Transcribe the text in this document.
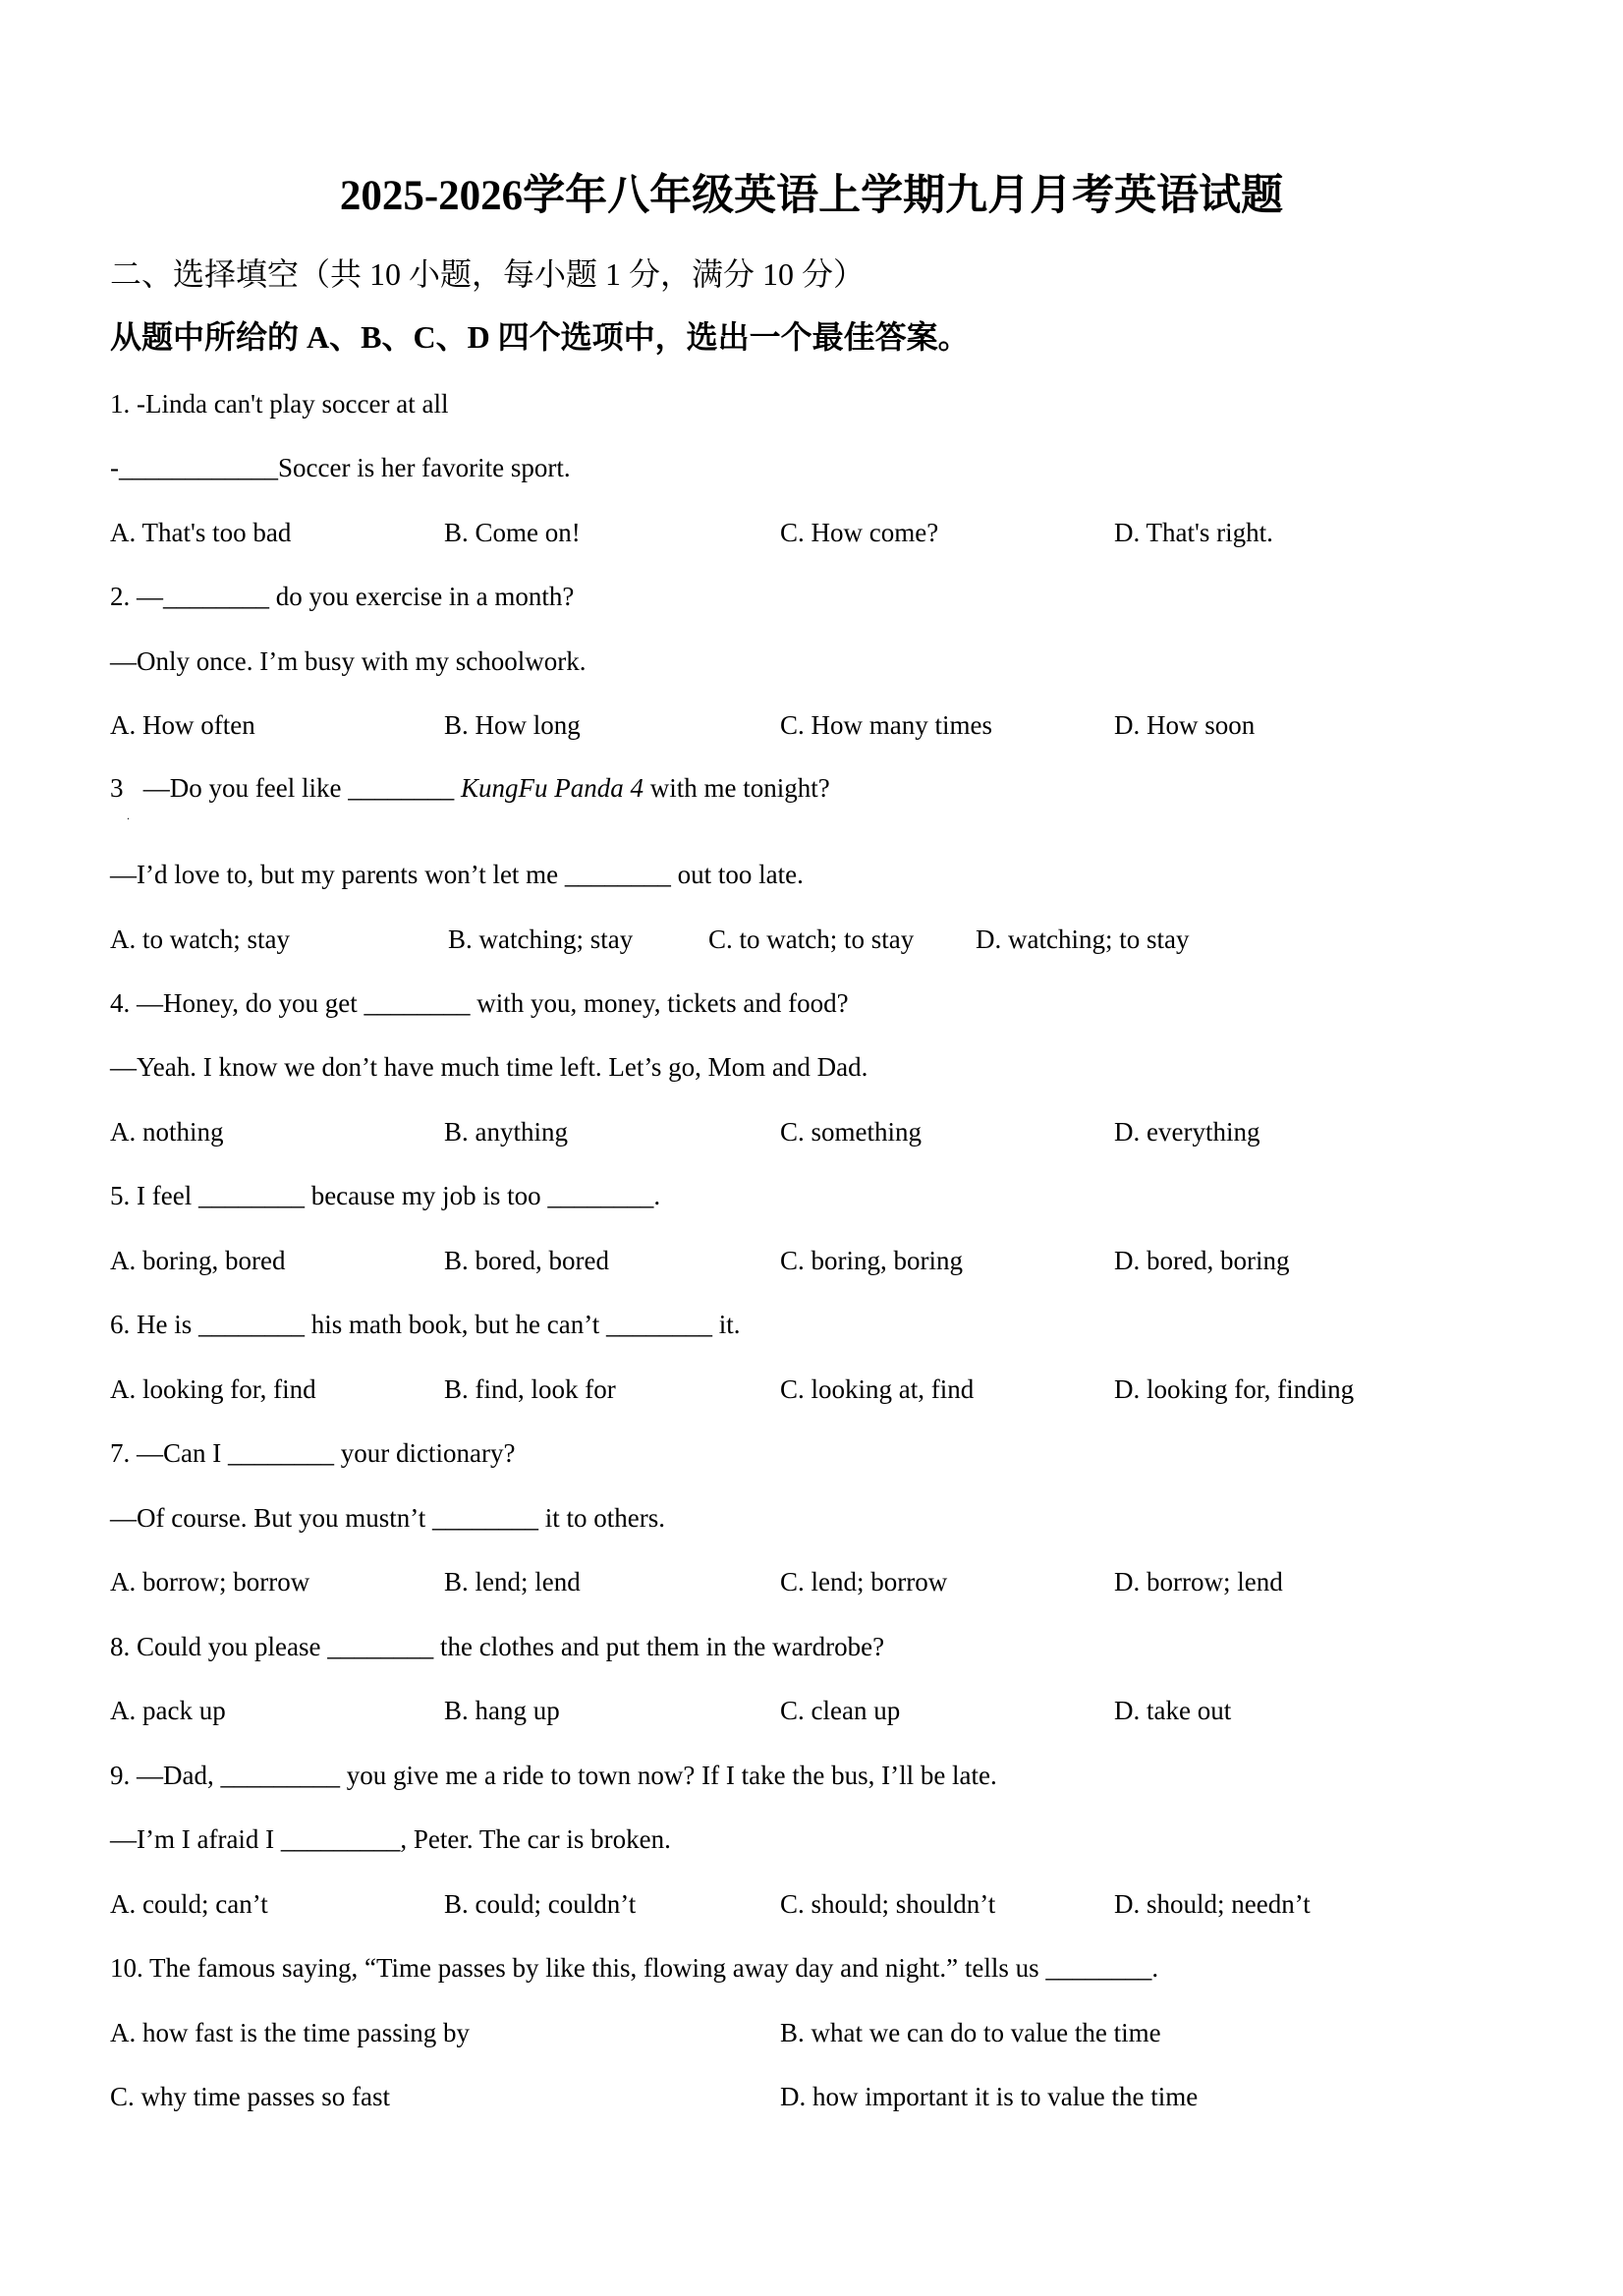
2025-2026学年八年级英语上学期九月月考英语试题
二、选择填空（共 10 小题，每小题 1 分，满分 10 分）
从题中所给的 A、B、C、D 四个选项中，选出一个最佳答案。
1. -Linda can't play soccer at all
-____________Soccer is her favorite sport.
A. That's too bad	B. Come on!	C. How come?	D. That's right.
2. —________ do you exercise in a month?
—Only once. I’m busy with my schoolwork.
A. How often	B. How long	C. How many times	D. How soon
3   —Do you feel like ________ KungFu Panda 4 with me tonight?
.
—I’d love to, but my parents won’t let me ________ out too late.
A. to watch; stay	B. watching; stay	C. to watch; to stay D. watching; to stay
4. —Honey, do you get ________ with you, money, tickets and food?
—Yeah. I know we don’t have much time left. Let’s go, Mom and Dad.
A. nothing	B. anything	C. something	D. everything
5. I feel ________ because my job is too ________.
A. boring, bored	B. bored, bored	C. boring, boring	D. bored, boring
6. He is ________ his math book, but he can’t ________ it.
A. looking for, find	B. find, look for	C. looking at, find	D. looking for, finding
7. —Can I ________ your dictionary?
—Of course. But you mustn’t ________ it to others.
A. borrow; borrow	B. lend; lend	C. lend; borrow	D. borrow; lend
8. Could you please ________ the clothes and put them in the wardrobe?
A. pack up	B. hang up	C. clean up	D. take out
9. —Dad, _________ you give me a ride to town now? If I take the bus, I’ll be late.
—I’m I afraid I _________, Peter. The car is broken.
A. could; can’t	B. could; couldn’t	C. should; shouldn’t	D. should; needn’t
10. The famous saying, “Time passes by like this, flowing away day and night.” tells us ________.
A. how fast is the time passing by	B. what we can do to value the time
C. why time passes so fast	D. how important it is to value the time
